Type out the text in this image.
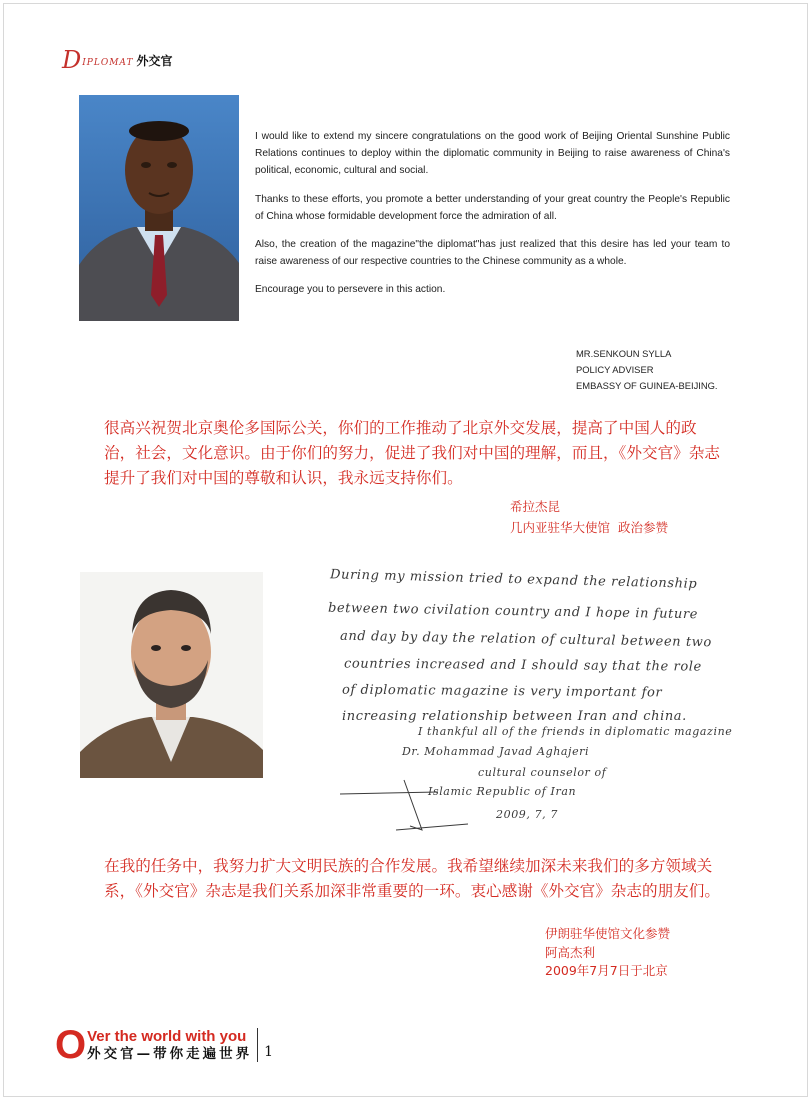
D IPLOMAT 外交官

I would like to extend my sincere congratulations on the good work of Beijing Oriental Sunshine Public Relations continues to deploy within the diplomatic community in Beijing to raise awareness of China's political, economic, cultural and social.

Thanks to these efforts, you promote a better understanding of your great country the People's Republic of China whose formidable development force the admiration of all.

Also, the creation of the magazine"the diplomat"has just realized that this desire has led your team to raise awareness of our respective countries to the Chinese community as a whole.

Encourage you to persevere in this action.

MR.SENKOUN SYLLA
POLICY ADVISER
EMBASSY OF GUINEA-BEIJING.
很高兴祝贺北京奥伦多国际公关，你们的工作推动了北京外交发展，提高了中国人的政治，社会，文化意识。由于你们的努力，促进了我们对中国的理解，而且，《外交官》杂志提升了我们对中国的尊敬和认识，我永远支持你们。
希拉杰昆
几内亚驻华大使馆  政治参赞
During my mission tried to expand the relationship
between two civilation country and I hope in future
and day by day the relation of cultural between two
countries increased and I should say that the role
of diplomatic magazine is very important for
increasing relationship between Iran and china.
I thankful all of the friends in diplomatic magazine
Dr. Mohammad Javad Aghajeri
cultural counselor of
Islamic Republic of Iran
2009, 7, 7
在我的任务中，我努力扩大文明民族的合作发展。我希望继续加深未来我们的多方领域关系，《外交官》杂志是我们关系加深非常重要的一环。衷心感谢《外交官》杂志的朋友们。
伊朗驻华使馆文化参赞
阿高杰利
2009年7月7日于北京
O Ver the world with you
外交官—带你走遍世界 1
